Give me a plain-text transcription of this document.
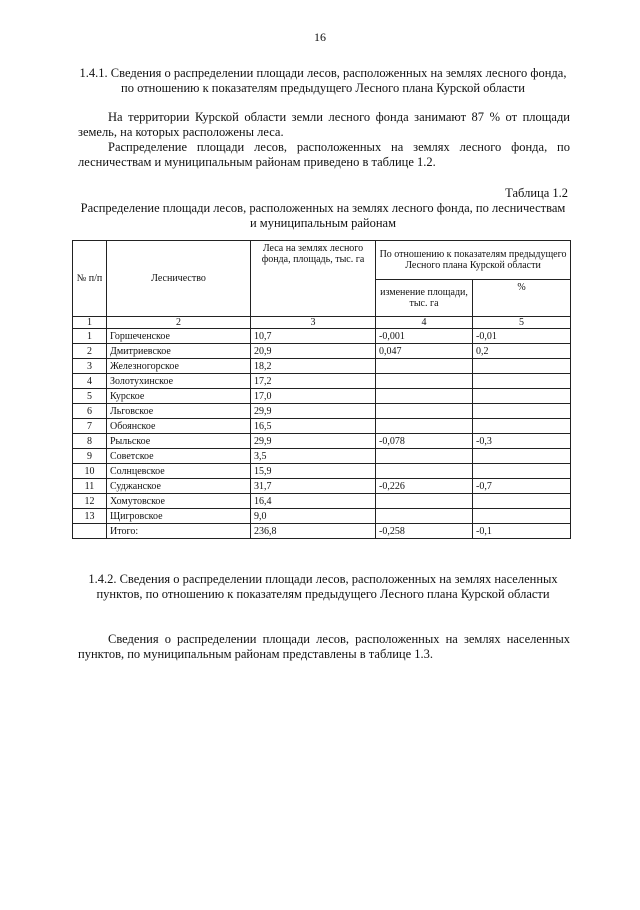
16
1.4.1. Сведения о распределении площади лесов, расположенных на землях лесного фонда, по отношению к показателям предыдущего Лесного плана Курской области

На территории Курской области земли лесного фонда занимают 87 % от площади земель, на которых расположены леса.

Распределение площади лесов, расположенных на землях лесного фонда, по лесничествам и муниципальным районам приведено в таблице 1.2.

Таблица 1.2
Распределение площади лесов, расположенных на землях лесного фонда, по лесничествам и муниципальным районам
№ п/п	Лесничество	Леса на землях лесного фонда, площадь, тыс. га	По отношению к показателям предыдущего Лесного плана Курской области	
			изменение площади, тыс. га	%
1	2	3	4	5
1	Горшеченское	10,7	-0,001	-0,01
2	Дмитриевское	20,9	0,047	0,2
3	Железногорское	18,2		
4	Золотухинское	17,2		
5	Курское	17,0		
6	Льговское	29,9		
7	Обоянское	16,5		
8	Рыльское	29,9	-0,078	-0,3
9	Советское	3,5		
10	Солнцевское	15,9		
11	Суджанское	31,7	-0,226	-0,7
12	Хомутовское	16,4		
13	Щигровское	9,0		
	Итого:	236,8	-0,258	-0,1
1.4.2. Сведения о распределении площади лесов, расположенных на землях населенных пунктов, по отношению к показателям предыдущего Лесного плана Курской области

Сведения о распределении площади лесов, расположенных на землях населенных пунктов, по муниципальным районам представлены в таблице 1.3.
